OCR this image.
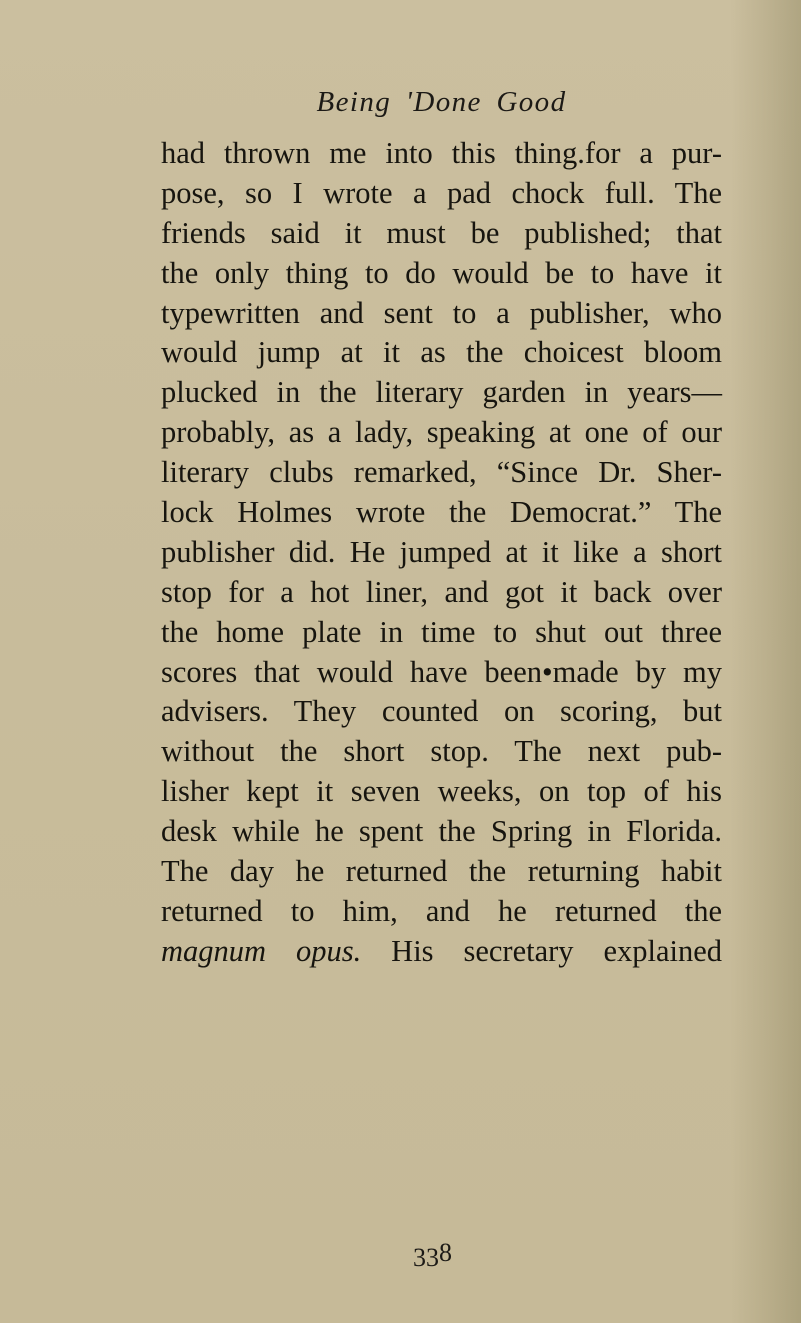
Being 'Done Good
had thrown me into this thing.for a pur-
pose, so I wrote a pad chock full. The
friends said it must be published; that
the only thing to do would be to have it
typewritten and sent to a publisher, who
would jump at it as the choicest bloom
plucked in the literary garden in years—
probably, as a lady, speaking at one of our
literary clubs remarked, “Since Dr. Sher-
lock Holmes wrote the Democrat.” The
publisher did. He jumped at it like a short
stop for a hot liner, and got it back over
the home plate in time to shut out three
scores that would have been•made by my
advisers. They counted on scoring, but
without the short stop. The next pub-
lisher kept it seven weeks, on top of his
desk while he spent the Spring in Florida.
The day he returned the returning habit
returned to him, and he returned the
magnum opus. His secretary explained
$33^8$
